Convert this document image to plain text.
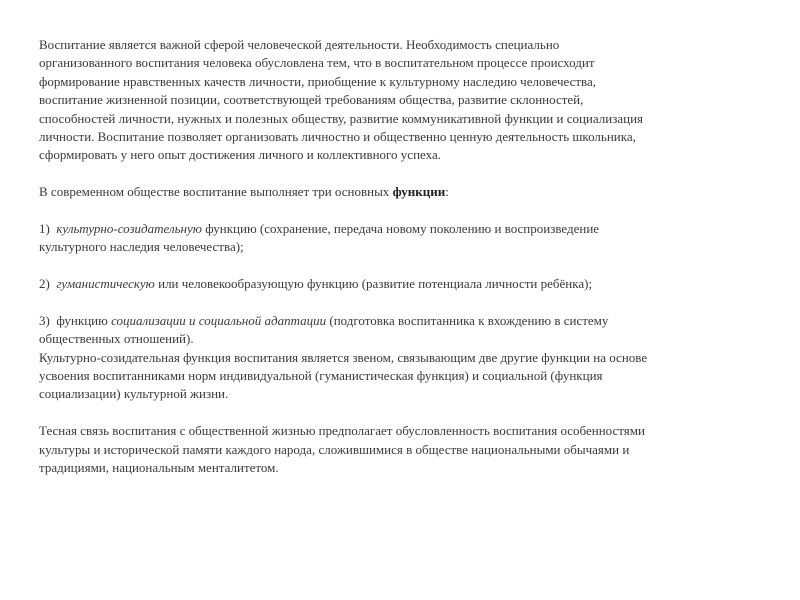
Воспитание является важной сферой человеческой деятельности. Необходимость специально
организованного воспитания человека обусловлена тем, что в воспитательном процессе происходит
формирование нравственных качеств личности, приобщение к культурному наследию человечества,
воспитание жизненной позиции, соответствующей требованиям общества, развитие склонностей,
способностей личности, нужных и полезных обществу, развитие коммуникативной функции и социализация
личности. Воспитание позволяет организовать личностно и общественно ценную деятельность школьника,
сформировать у него опыт достижения личного и коллективного успеха.
В современном обществе воспитание выполняет три основных функции:
1)  культурно-созидательную функцию (сохранение, передача новому поколению и воспроизведение
культурного наследия человечества);
2)  гуманистическую или человекообразующую функцию (развитие потенциала личности ребёнка);
3)  функцию социализации и социальной адаптации (подготовка воспитанника к вхождению в систему
общественных отношений).
Культурно-созидательная функция воспитания является звеном, связывающим две другие функции на основе
усвоения воспитанниками норм индивидуальной (гуманистическая функция) и социальной (функция
социализации) культурной жизни.
Тесная связь воспитания с общественной жизнью предполагает обусловленность воспитания особенностями
культуры и исторической памяти каждого народа, сложившимися в обществе национальными обычаями и
традициями, национальным менталитетом.
